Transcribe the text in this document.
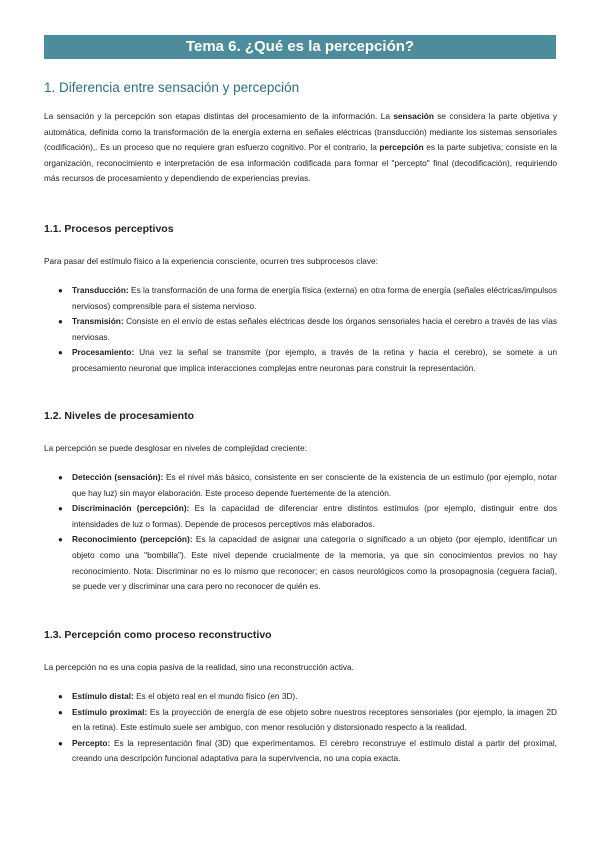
Tema 6. ¿Qué es la percepción?
1. Diferencia entre sensación y percepción

La sensación y la percepción son etapas distintas del procesamiento de la información. La sensación se considera la parte objetiva y automática, definida como la transformación de la energía externa en señales eléctricas (transducción) mediante los sistemas sensoriales (codificación),. Es un proceso que no requiere gran esfuerzo cognitivo. Por el contrario, la percepción es la parte subjetiva; consiste en la organización, reconocimiento e interpretación de esa información codificada para formar el "percepto" final (decodificación), requiriendo más recursos de procesamiento y dependiendo de experiencias previas.

1.1. Procesos perceptivos

Para pasar del estímulo físico a la experiencia consciente, ocurren tres subprocesos clave:

● Transducción: Es la transformación de una forma de energía física (externa) en otra forma de energía (señales eléctricas/impulsos nerviosos) comprensible para el sistema nervioso.
● Transmisión: Consiste en el envío de estas señales eléctricas desde los órganos sensoriales hacia el cerebro a través de las vías nerviosas.
● Procesamiento: Una vez la señal se transmite (por ejemplo, a través de la retina y hacia el cerebro), se somete a un procesamiento neuronal que implica interacciones complejas entre neuronas para construir la representación.
1.2. Niveles de procesamiento

La percepción se puede desglosar en niveles de complejidad creciente:

● Detección (sensación): Es el nivel más básico, consistente en ser consciente de la existencia de un estímulo (por ejemplo, notar que hay luz) sin mayor elaboración. Este proceso depende fuertemente de la atención.
● Discriminación (percepción): Es la capacidad de diferenciar entre distintos estímulos (por ejemplo, distinguir entre dos intensidades de luz o formas). Depende de procesos perceptivos más elaborados.
● Reconocimiento (percepción): Es la capacidad de asignar una categoría o significado a un objeto (por ejemplo, identificar un objeto como una "bombilla"). Este nivel depende crucialmente de la memoria, ya que sin conocimientos previos no hay reconocimiento. Nota: Discriminar no es lo mismo que reconocer; en casos neurológicos como la prosopagnosia (ceguera facial), se puede ver y discriminar una cara pero no reconocer de quién es.
1.3. Percepción como proceso reconstructivo

La percepción no es una copia pasiva de la realidad, sino una reconstrucción activa.

● Estímulo distal: Es el objeto real en el mundo físico (en 3D).
● Estímulo proximal: Es la proyección de energía de ese objeto sobre nuestros receptores sensoriales (por ejemplo, la imagen 2D en la retina). Este estímulo suele ser ambiguo, con menor resolución y distorsionado respecto a la realidad.
● Percepto: Es la representación final (3D) que experimentamos. El cerebro reconstruye el estímulo distal a partir del proximal, creando una descripción funcional adaptativa para la supervivencia, no una copia exacta.
